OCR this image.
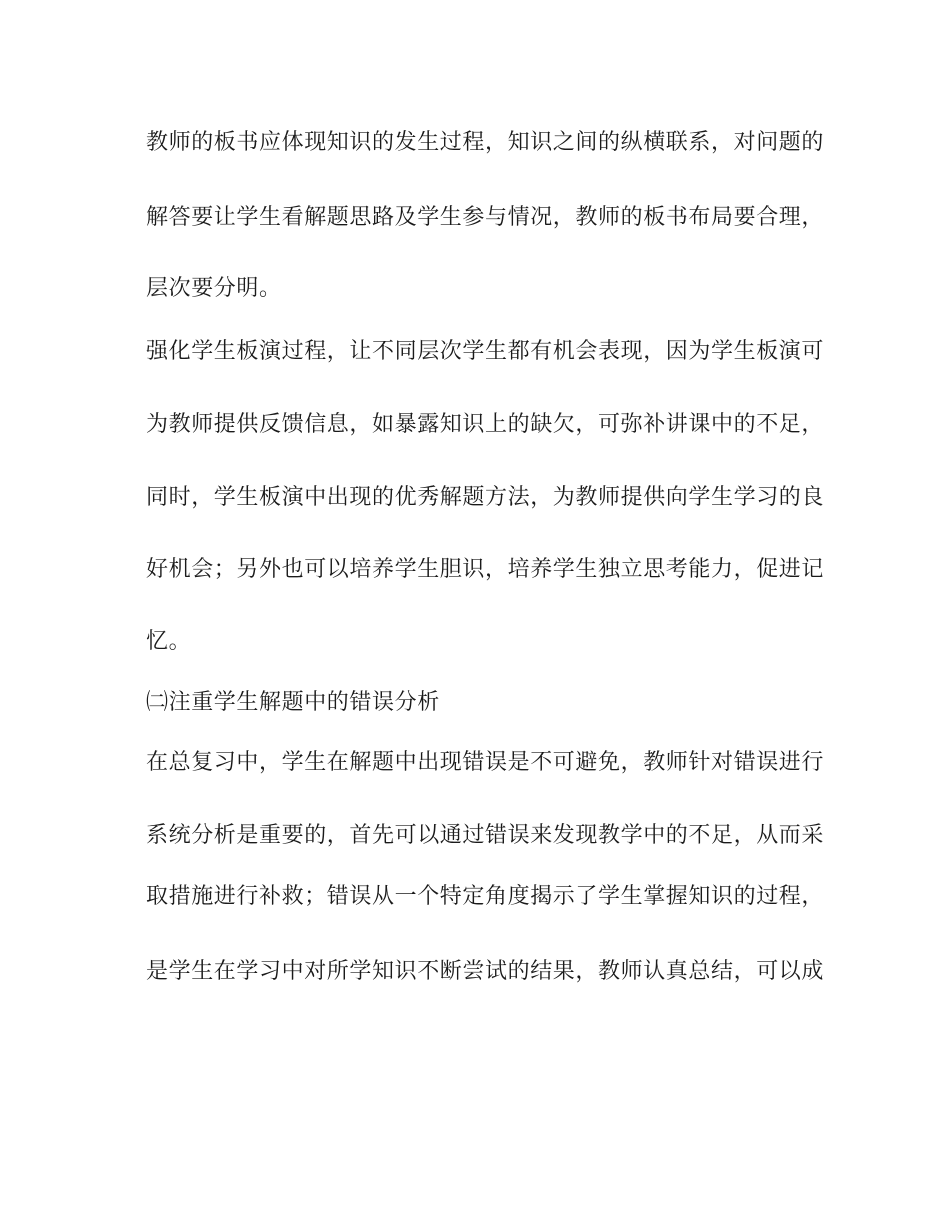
教师的板书应体现知识的发生过程，知识之间的纵横联系，对问题的
解答要让学生看解题思路及学生参与情况，教师的板书布局要合理，
层次要分明。
强化学生板演过程，让不同层次学生都有机会表现，因为学生板演可
为教师提供反馈信息，如暴露知识上的缺欠，可弥补讲课中的不足，
同时，学生板演中出现的优秀解题方法，为教师提供向学生学习的良
好机会；另外也可以培养学生胆识，培养学生独立思考能力，促进记
忆。
㈡注重学生解题中的错误分析
在总复习中，学生在解题中出现错误是不可避免，教师针对错误进行
系统分析是重要的，首先可以通过错误来发现教学中的不足，从而采
取措施进行补救；错误从一个特定角度揭示了学生掌握知识的过程，
是学生在学习中对所学知识不断尝试的结果，教师认真总结，可以成
